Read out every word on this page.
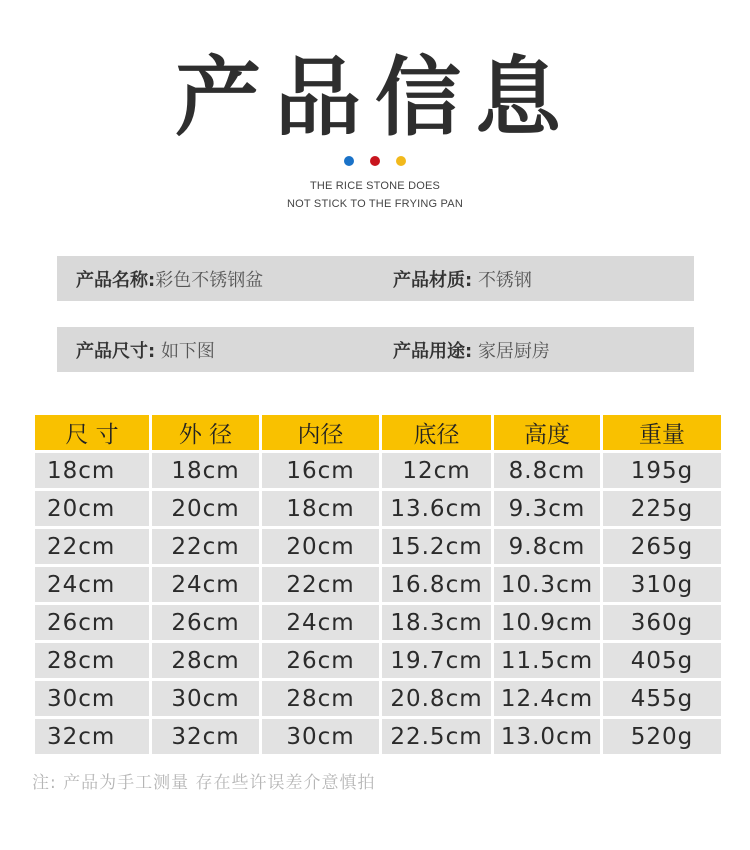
产品信息
THE RICE STONE DOES
NOT STICK TO THE FRYING PAN
产品名称:彩色不锈钢盆	产品材质: 不锈钢
产品尺寸: 如下图	产品用途: 家居厨房
尺 寸	外 径	内径	底径	高度	重量
18cm	18cm	16cm	12cm	8.8cm	195g
20cm	20cm	18cm	13.6cm	9.3cm	225g
22cm	22cm	20cm	15.2cm	9.8cm	265g
24cm	24cm	22cm	16.8cm	10.3cm	310g
26cm	26cm	24cm	18.3cm	10.9cm	360g
28cm	28cm	26cm	19.7cm	11.5cm	405g
30cm	30cm	28cm	20.8cm	12.4cm	455g
32cm	32cm	30cm	22.5cm	13.0cm	520g
注: 产品为手工测量 存在些许误差介意慎拍
